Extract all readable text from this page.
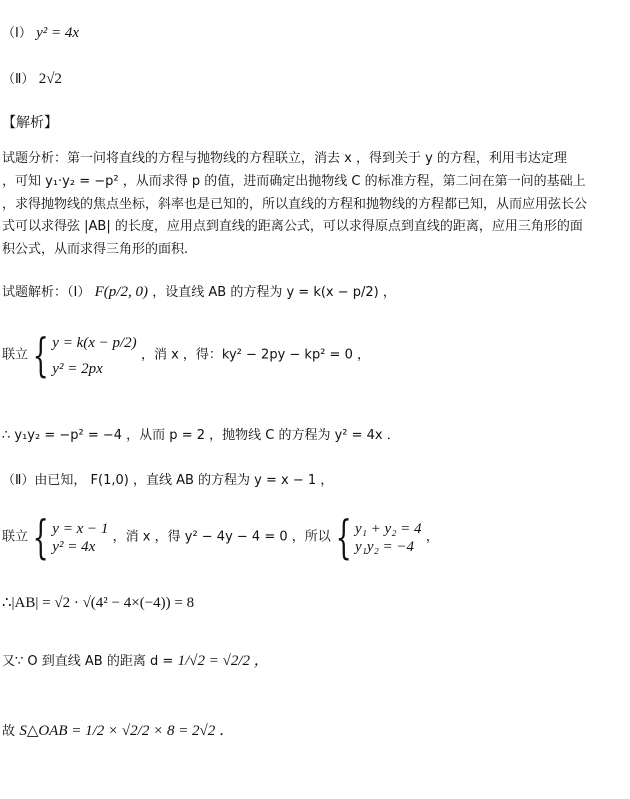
（Ⅰ） y² = 4x
（Ⅱ） 2√2
【解析】
试题分析：第一问将直线的方程与抛物线的方程联立，消去 x ，得到关于 y 的方程，利用韦达定理
，可知 y₁·y₂ = −p² ，从而求得 p 的值，进而确定出抛物线 C 的标准方程，第二问在第一问的基础上
，求得抛物线的焦点坐标，斜率也是已知的，所以直线的方程和抛物线的方程都已知，从而应用弦长公
式可以求得弦 |AB| 的长度，应用点到直线的距离公式，可以求得原点到直线的距离，应用三角形的面
积公式，从而求得三角形的面积.
试题解析：（Ⅰ） F(p/2, 0) ，设直线 AB 的方程为 y = k(x − p/2) ，
联立{ y = k(x − p/2)
y² = 2px
，消 x ，得：ky² − 2py − kp² = 0 ，
∴ y₁y₂ = −p² = −4 ，从而 p = 2 ，抛物线 C 的方程为 y² = 4x ．
（Ⅱ）由已知， F(1,0) ，直线 AB 的方程为 y = x − 1 ，
联立{ y = x − 1
y² = 4x
，消 x ，得 y² − 4y − 4 = 0 ，所以{ y₁ + y₂ = 4
y₁y₂ = −4
，
∴|AB| = √2 · √(4² − 4×(−4)) = 8
又∵ O 到直线 AB 的距离 d = 1/√2 = √2/2 ，
故 S△OAB = 1/2 × √2/2 × 8 = 2√2 ．
